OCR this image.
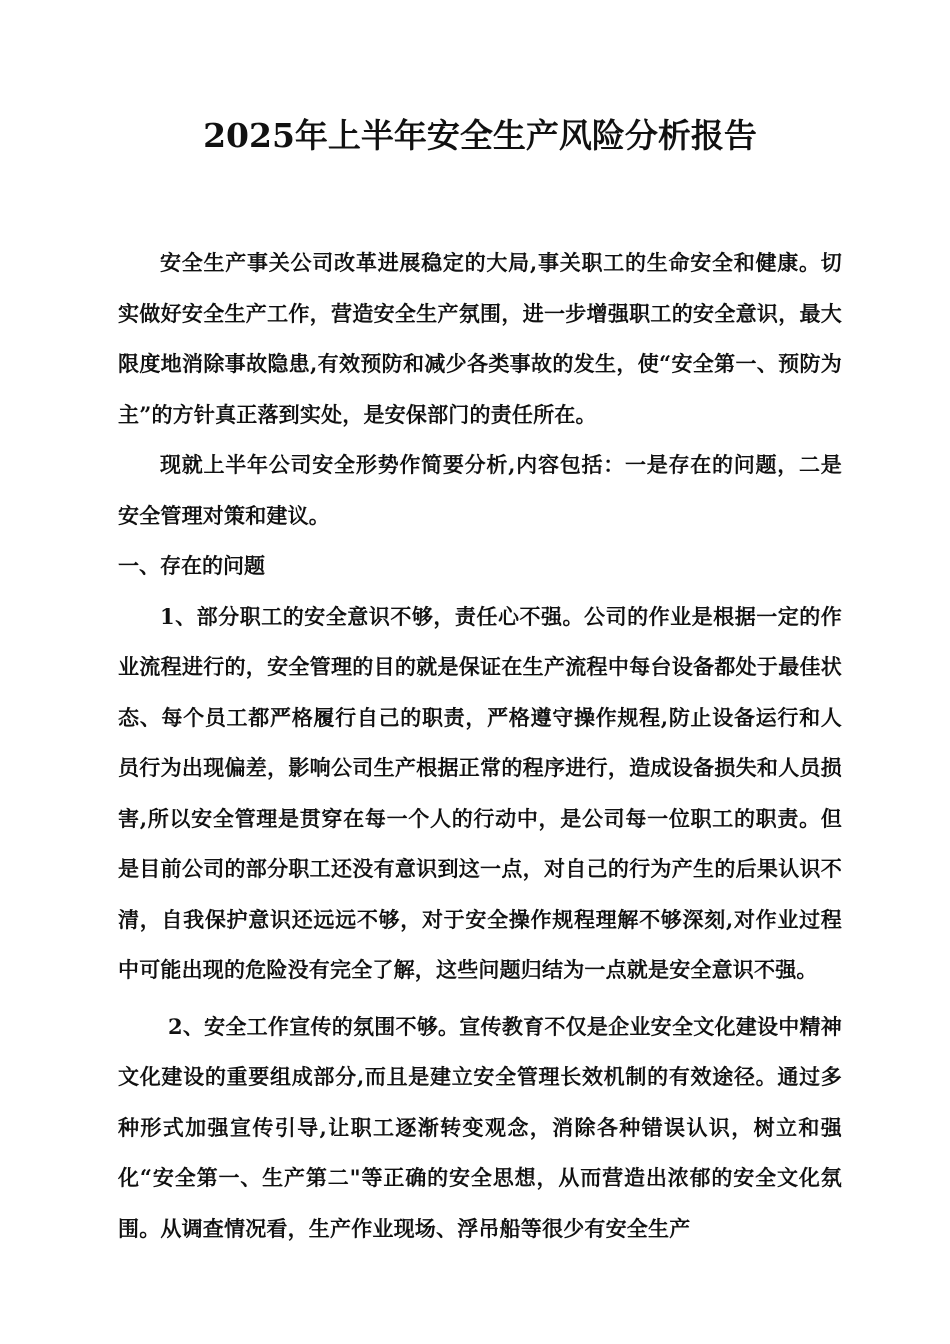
2025年上半年安全生产风险分析报告

安全生产事关公司改革进展稳定的大局,事关职工的生命安全和健康。切实做好安全生产工作，营造安全生产氛围，进一步增强职工的安全意识，最大限度地消除事故隐患,有效预防和减少各类事故的发生，使“安全第一、预防为主”的方针真正落到实处，是安保部门的责任所在。

现就上半年公司安全形势作简要分析,内容包括：一是存在的问题，二是安全管理对策和建议。

一、存在的问题

1、部分职工的安全意识不够，责任心不强。公司的作业是根据一定的作业流程进行的，安全管理的目的就是保证在生产流程中每台设备都处于最佳状态、每个员工都严格履行自己的职责，严格遵守操作规程,防止设备运行和人员行为出现偏差，影响公司生产根据正常的程序进行，造成设备损失和人员损害,所以安全管理是贯穿在每一个人的行动中，是公司每一位职工的职责。但是目前公司的部分职工还没有意识到这一点，对自己的行为产生的后果认识不清，自我保护意识还远远不够，对于安全操作规程理解不够深刻,对作业过程中可能出现的危险没有完全了解，这些问题归结为一点就是安全意识不强。

2、安全工作宣传的氛围不够。宣传教育不仅是企业安全文化建设中精神文化建设的重要组成部分,而且是建立安全管理长效机制的有效途径。通过多种形式加强宣传引导,让职工逐渐转变观念，消除各种错误认识，树立和强化“安全第一、生产第二"等正确的安全思想，从而营造出浓郁的安全文化氛围。从调查情况看，生产作业现场、浮吊船等很少有安全生产
